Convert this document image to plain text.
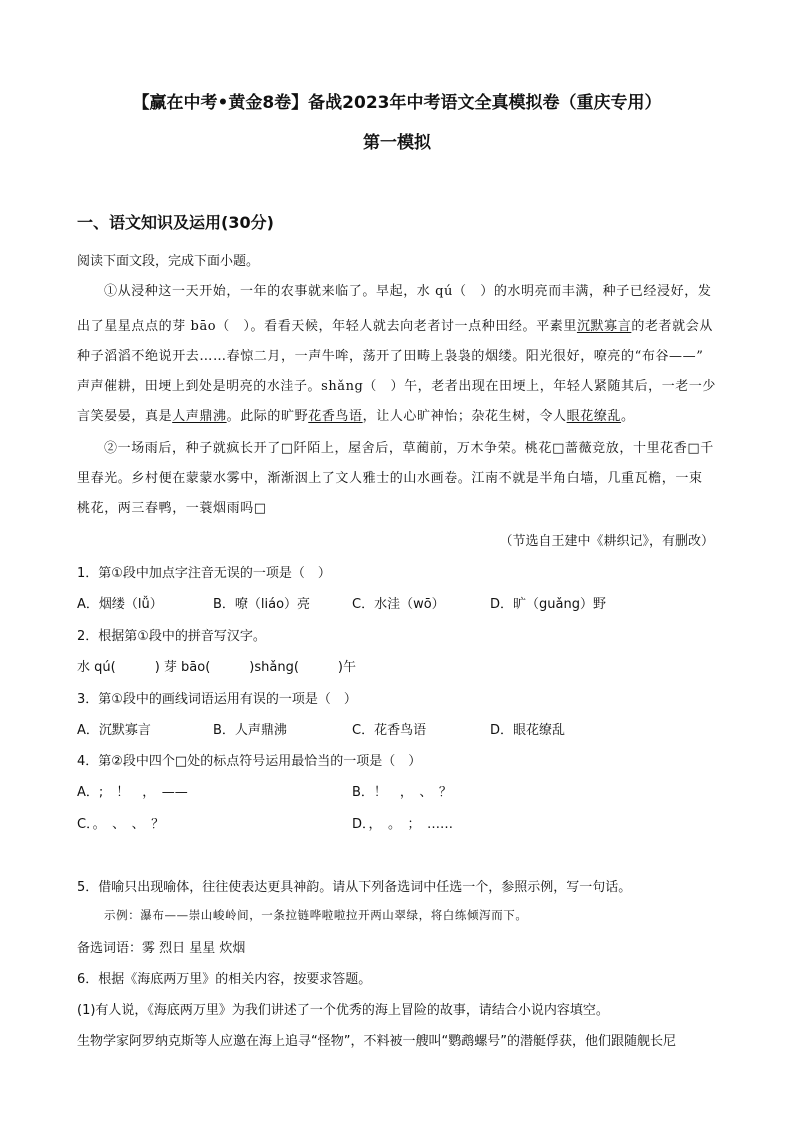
【赢在中考•黄金8卷】备战2023年中考语文全真模拟卷（重庆专用）
第一模拟
一、语文知识及运用(30分)
阅读下面文段，完成下面小题。
①从浸种这一天开始，一年的农事就来临了。早起，水 qú（　）的水明亮而丰满，种子已经浸好，发
出了星星点点的芽 bāo（　）。看看天候，年轻人就去向老者讨一点种田经。平素里沉默寡言的老者就会从
种子滔滔不绝说开去……春惊二月，一声牛哞，荡开了田畴上袅袅的烟缕。阳光很好，嘹亮的“布谷——”
声声催耕，田埂上到处是明亮的水洼子。shǎng（　）午，老者出现在田埂上，年轻人紧随其后，一老一少
言笑晏晏，真是人声鼎沸。此际的旷野花香鸟语，让人心旷神怡；杂花生树，令人眼花缭乱。
②一场雨后，种子就疯长开了□阡陌上，屋舍后，草蔺前，万木争荣。桃花□蔷薇竞放，十里花香□千
里春光。乡村便在蒙蒙水雾中，渐渐洇上了文人雅士的山水画卷。江南不就是半角白墙，几重瓦檐，一束
桃花，两三春鸭，一蓑烟雨吗□
（节选自王建中《耕织记》，有删改）
1．第①段中加点字注音无误的一项是（　）
A．烟缕（lǚ）	B．嘹（liáo）亮	C．水洼（wō）	D．旷（guǎng）野
2．根据第①段中的拼音写汉字。
水 qú(　　　) 芽 bāo(　　　)shǎng(　　　)午
3．第①段中的画线词语运用有误的一项是（　）
A．沉默寡言	B．人声鼎沸	C．花香鸟语	D．眼花缭乱
4．第②段中四个□处的标点符号运用最恰当的一项是（　）
A．;　！　，　——	B．！　，　、　？
C．。　、　、　？	D．，　。　；　……
5．借喻只出现喻体，往往使表达更具神韵。请从下列备选词中任选一个，参照示例，写一句话。
示例：瀑布——崇山峻岭间，一条拉链哗啦啦拉开两山翠绿，将白练倾泻而下。
备选词语：雾 烈日 星星 炊烟
6．根据《海底两万里》的相关内容，按要求答题。
(1)有人说，《海底两万里》为我们讲述了一个优秀的海上冒险的故事，请结合小说内容填空。
生物学家阿罗纳克斯等人应邀在海上追寻“怪物”，不料被一艘叫“鹦鹉螺号”的潜艇俘获，他们跟随舰长尼
